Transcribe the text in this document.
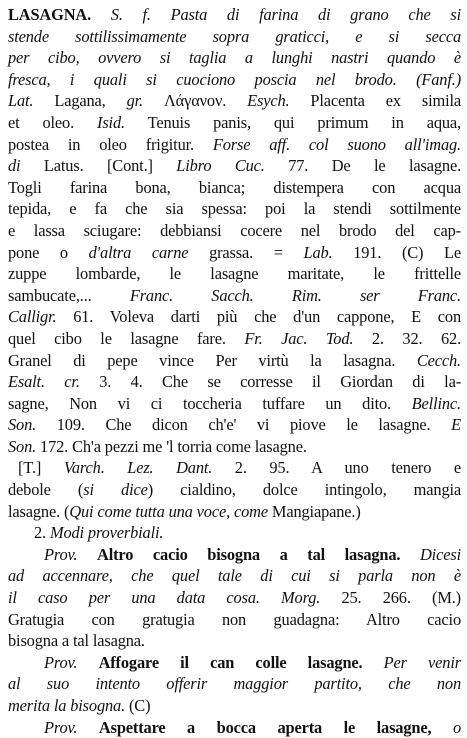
LASAGNA. S. f. Pasta di farina di grano che si
stende sottilissimamente sopra graticci, e si secca
per cibo, ovvero si taglia a lunghi nastri quando è
fresca, i quali si cuociono poscia nel brodo. (Fanf.)
Lat. Lagana, gr. Λάγανον. Esych. Placenta ex simila
et oleo. Isid. Tenuis panis, qui primum in aqua,
postea in oleo frigitur. Forse aff. col suono all'imag.
di Latus. [Cont.] Libro Cuc. 77. De le lasagne.
Togli farina bona, bianca; distempera con acqua
tepida, e fa che sia spessa: poi la stendi sottilmente
e lassa sciugare: debbiansi cocere nel brodo del cap-
pone o d'altra carne grassa. = Lab. 191. (C) Le
zuppe lombarde, le lasagne maritate, le frittelle
sambucate,... Franc. Sacch. Rim. ser Franc.
Calligr. 61. Voleva darti più che d'un cappone, E con
quel cibo le lasagne fare. Fr. Jac. Tod. 2. 32. 62.
Granel di pepe vince Per virtù la lasagna. Cecch.
Esalt. cr. 3. 4. Che se corresse il Giordan di la-
sagne, Non vi ci toccheria tuffare un dito. Bellinc.
Son. 109. Che dicon ch'e' vi piove le lasagne. E
Son. 172. Ch'a pezzi me 'l torria come lasagne.
[T.] Varch. Lez. Dant. 2. 95. A uno tenero e
debole (si dice) cialdino, dolce intingolo, mangia
lasagne. (Qui come tutta una voce, come Mangiapane.)
2. Modi proverbiali.
Prov. Altro cacio bisogna a tal lasagna. Dicesi
ad accennare, che quel tale di cui si parla non è
il caso per una data cosa. Morg. 25. 266. (M.)
Gratugia con gratugia non guadagna: Altro cacio
bisogna a tal lasagna.
Prov. Affogare il can colle lasagne. Per venir
al suo intento offerir maggior partito, che non
merita la bisogna. (C)
Prov. Aspettare a bocca aperta le lasagne, o
